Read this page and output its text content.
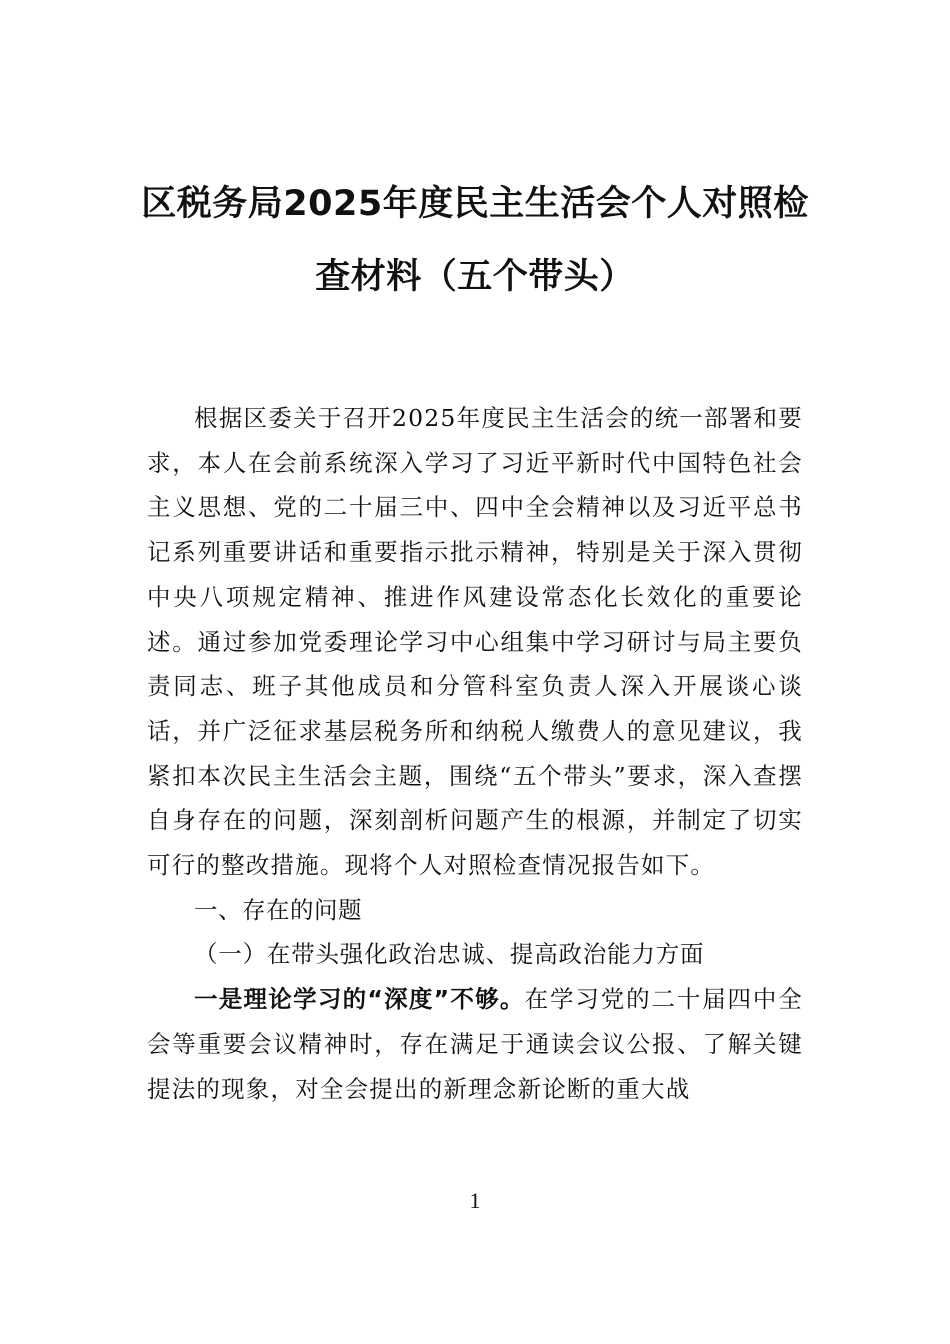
区税务局2025年度民主生活会个人对照检查材料（五个带头）

根据区委关于召开2025年度民主生活会的统一部署和要求，本人在会前系统深入学习了习近平新时代中国特色社会主义思想、党的二十届三中、四中全会精神以及习近平总书记系列重要讲话和重要指示批示精神，特别是关于深入贯彻中央八项规定精神、推进作风建设常态化长效化的重要论述。通过参加党委理论学习中心组集中学习研讨与局主要负责同志、班子其他成员和分管科室负责人深入开展谈心谈话，并广泛征求基层税务所和纳税人缴费人的意见建议，我紧扣本次民主生活会主题，围绕“五个带头”要求，深入查摆自身存在的问题，深刻剖析问题产生的根源，并制定了切实可行的整改措施。现将个人对照检查情况报告如下。

一、存在的问题

（一）在带头强化政治忠诚、提高政治能力方面

一是理论学习的“深度”不够。在学习党的二十届四中全会等重要会议精神时，存在满足于通读会议公报、了解关键提法的现象，对全会提出的新理念新论断的重大战

1
